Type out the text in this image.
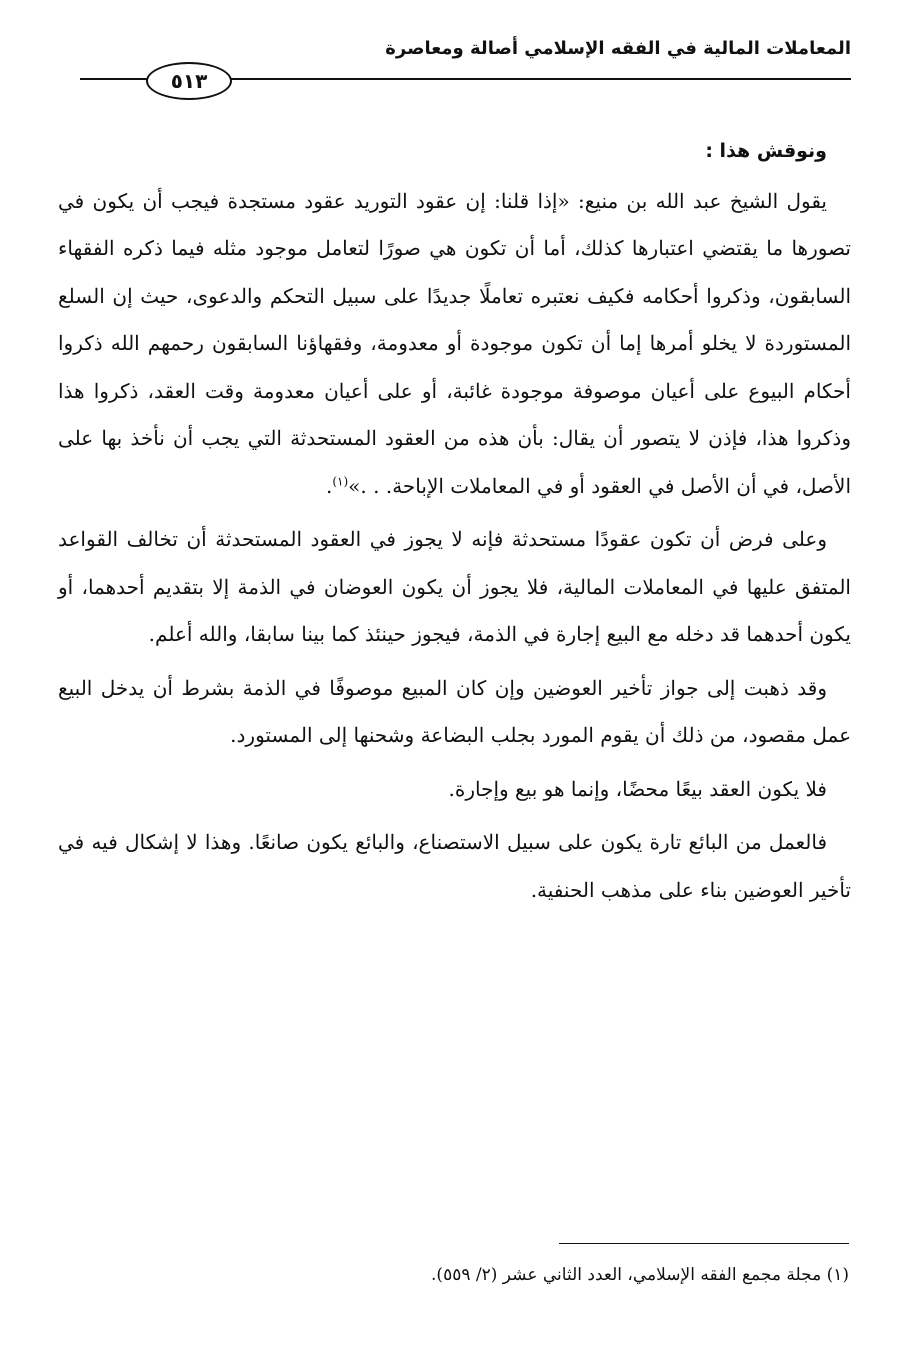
المعاملات المالية في الفقه الإسلامي أصالة ومعاصرة
٥١٣

ونوقش هذا :

يقول الشيخ عبد الله بن منيع: «إذا قلنا: إن عقود التوريد عقود مستجدة فيجب أن يكون في تصورها ما يقتضي اعتبارها كذلك، أما أن تكون هي صورًا لتعامل موجود مثله فيما ذكره الفقهاء السابقون، وذكروا أحكامه فكيف نعتبره تعاملًا جديدًا على سبيل التحكم والدعوى، حيث إن السلع المستوردة لا يخلو أمرها إما أن تكون موجودة أو معدومة، وفقهاؤنا السابقون رحمهم الله ذكروا أحكام البيوع على أعيان موصوفة موجودة غائبة، أو على أعيان معدومة وقت العقد، ذكروا هذا وذكروا هذا، فإذن لا يتصور أن يقال: بأن هذه من العقود المستحدثة التي يجب أن نأخذ بها على الأصل، في أن الأصل في العقود أو في المعاملات الإباحة. . .»$^{(١)}$.

وعلى فرض أن تكون عقودًا مستحدثة فإنه لا يجوز في العقود المستحدثة أن تخالف القواعد المتفق عليها في المعاملات المالية، فلا يجوز أن يكون العوضان في الذمة إلا بتقديم أحدهما، أو يكون أحدهما قد دخله مع البيع إجارة في الذمة، فيجوز حينئذ كما بينا سابقا، والله أعلم.

وقد ذهبت إلى جواز تأخير العوضين وإن كان المبيع موصوفًا في الذمة بشرط أن يدخل البيع عمل مقصود، من ذلك أن يقوم المورد بجلب البضاعة وشحنها إلى المستورد.

فلا يكون العقد بيعًا محضًا، وإنما هو بيع وإجارة.

فالعمل من البائع تارة يكون على سبيل الاستصناع، والبائع يكون صانعًا. وهذا لا إشكال فيه في تأخير العوضين بناء على مذهب الحنفية.

(١) مجلة مجمع الفقه الإسلامي، العدد الثاني عشر (٢/ ٥٥٩).
